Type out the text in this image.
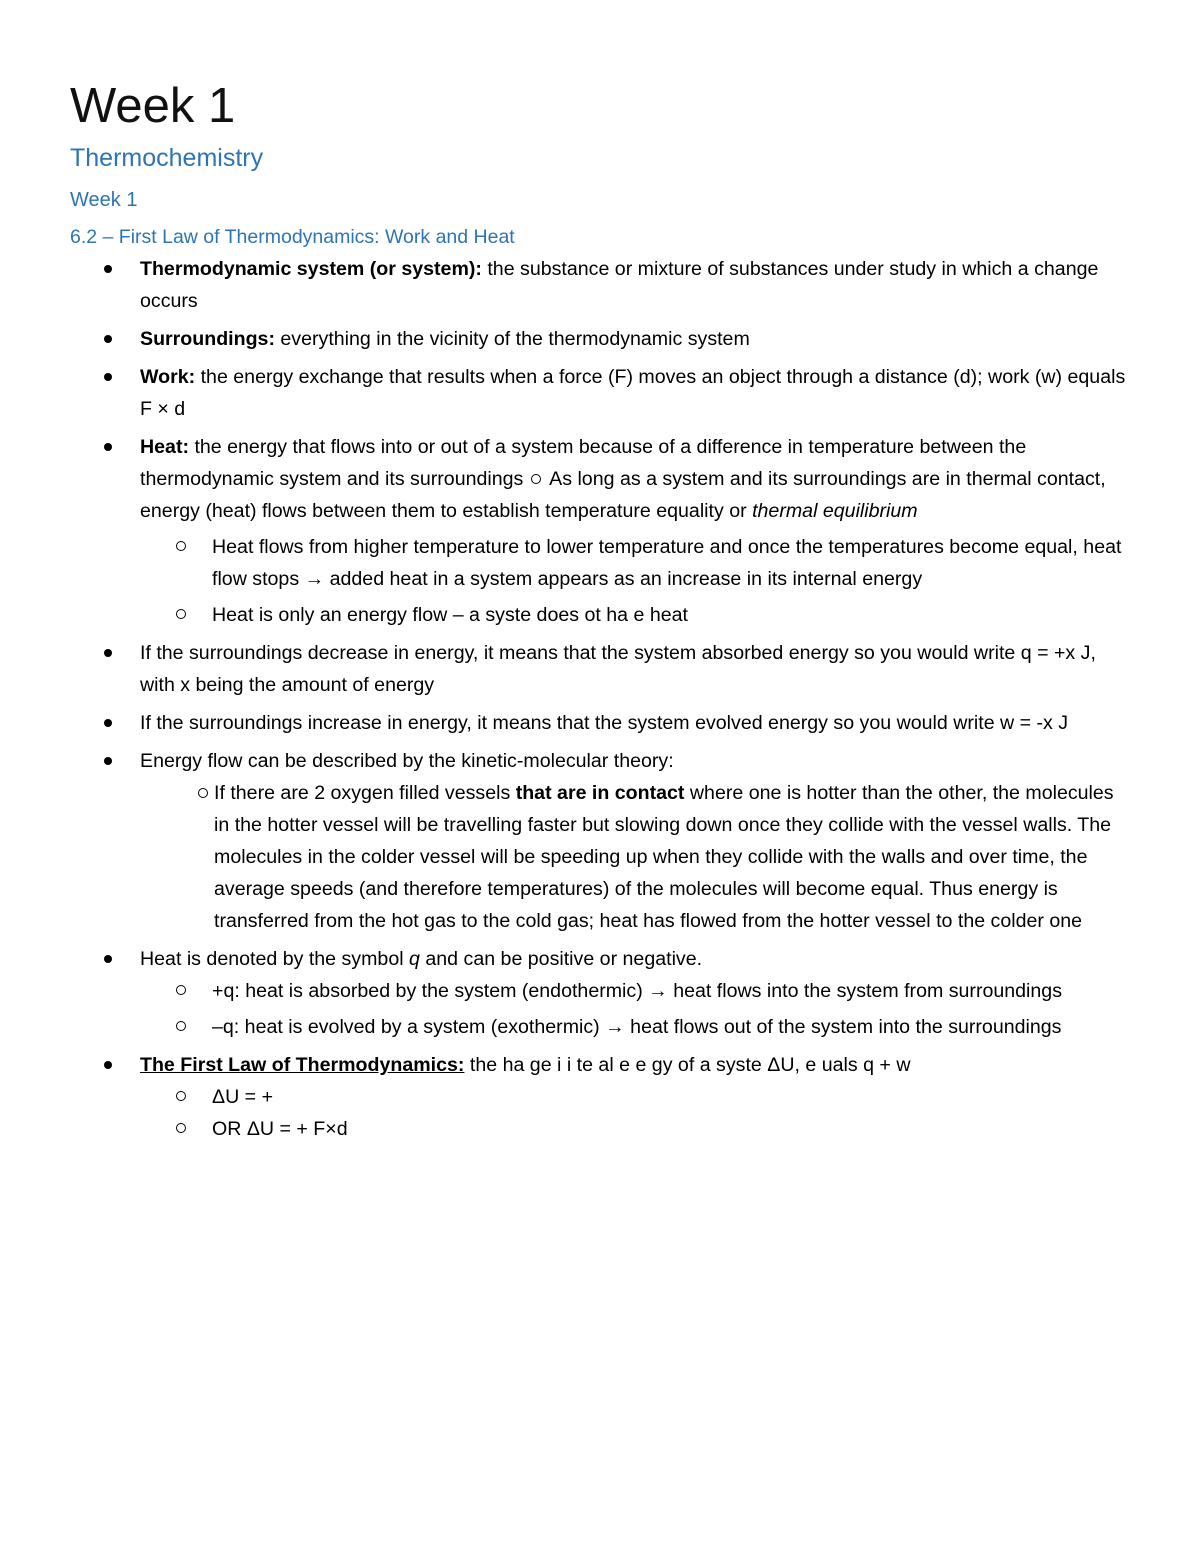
Week 1
Thermochemistry
Week 1
6.2 – First Law of Thermodynamics: Work and Heat
Thermodynamic system (or system): the substance or mixture of substances under study in which a change occurs
Surroundings: everything in the vicinity of the thermodynamic system
Work: the energy exchange that results when a force (F) moves an object through a distance (d); work (w) equals F × d
Heat: the energy that flows into or out of a system because of a difference in temperature between the thermodynamic system and its surroundings  As long as a system and its surroundings are in thermal contact, energy (heat) flows between them to establish temperature equality or thermal equilibrium
Heat flows from higher temperature to lower temperature and once the temperatures become equal, heat flow stops → added heat in a system appears as an increase in its internal energy
Heat is only an energy flow – a syste does ot ha e heat
If the surroundings decrease in energy, it means that the system absorbed energy so you would write q = +x J, with x being the amount of energy
If the surroundings increase in energy, it means that the system evolved energy so you would write w = -x J
Energy flow can be described by the kinetic-molecular theory:
If there are 2 oxygen filled vessels that are in contact where one is hotter than the other, the molecules in the hotter vessel will be travelling faster but slowing down once they collide with the vessel walls. The molecules in the colder vessel will be speeding up when they collide with the walls and over time, the average speeds (and therefore temperatures) of the molecules will become equal. Thus energy is transferred from the hot gas to the cold gas; heat has flowed from the hotter vessel to the colder one
Heat is denoted by the symbol q and can be positive or negative.
+q: heat is absorbed by the system (endothermic) → heat flows into the system from surroundings
–q: heat is evolved by a system (exothermic) → heat flows out of the system into the surroundings
The First Law of Thermodynamics: the ha ge i i te al e e gy of a syste ΔU, e uals q + w
ΔU = +
OR ΔU = + F×d
